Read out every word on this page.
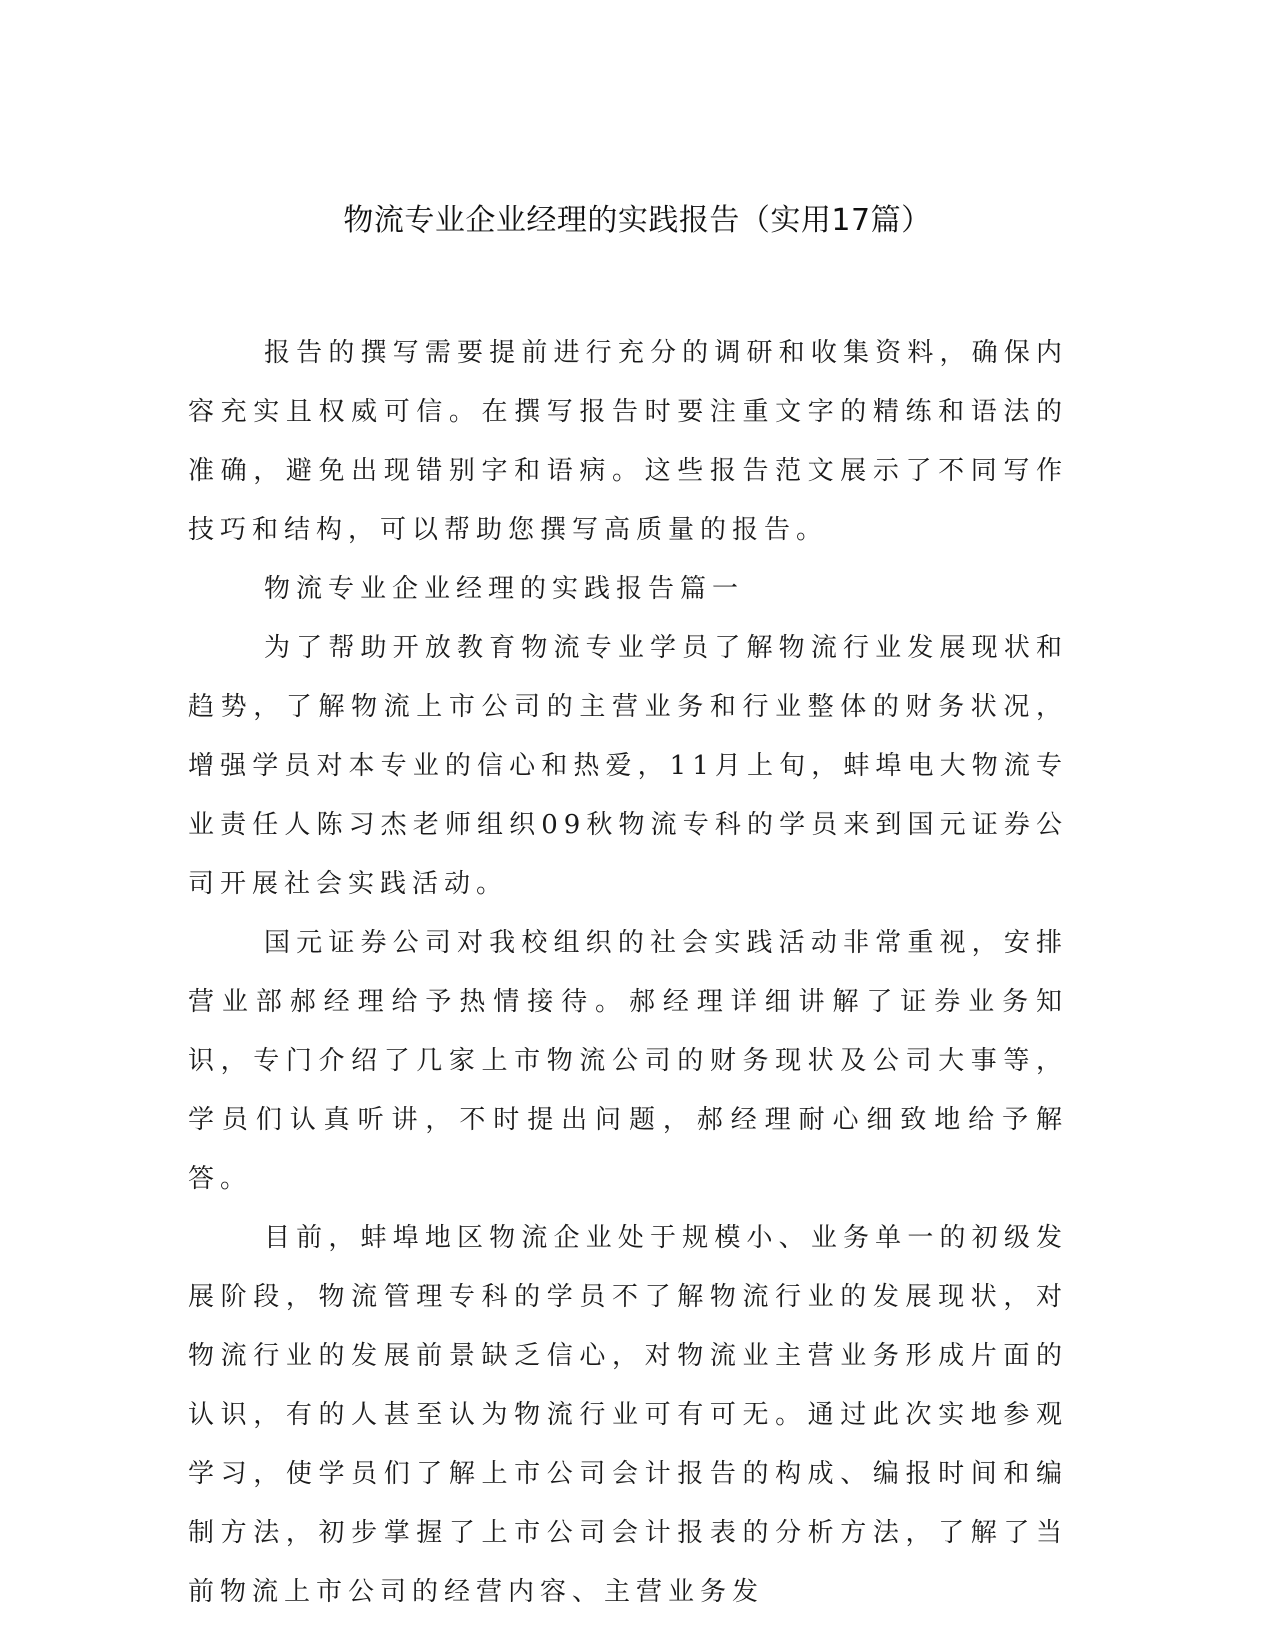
物流专业企业经理的实践报告（实用17篇）

报告的撰写需要提前进行充分的调研和收集资料，确保内容充实且权威可信。在撰写报告时要注重文字的精练和语法的准确，避免出现错别字和语病。这些报告范文展示了不同写作技巧和结构，可以帮助您撰写高质量的报告。

物流专业企业经理的实践报告篇一

为了帮助开放教育物流专业学员了解物流行业发展现状和趋势，了解物流上市公司的主营业务和行业整体的财务状况，增强学员对本专业的信心和热爱，11月上旬，蚌埠电大物流专业责任人陈习杰老师组织09秋物流专科的学员来到国元证券公司开展社会实践活动。

国元证券公司对我校组织的社会实践活动非常重视，安排营业部郝经理给予热情接待。郝经理详细讲解了证券业务知识，专门介绍了几家上市物流公司的财务现状及公司大事等，学员们认真听讲，不时提出问题，郝经理耐心细致地给予解答。

目前，蚌埠地区物流企业处于规模小、业务单一的初级发展阶段，物流管理专科的学员不了解物流行业的发展现状，对物流行业的发展前景缺乏信心，对物流业主营业务形成片面的认识，有的人甚至认为物流行业可有可无。通过此次实地参观学习，使学员们了解上市公司会计报告的构成、编报时间和编制方法，初步掌握了上市公司会计报表的分析方法，了解了当前物流上市公司的经营内容、主营业务发
